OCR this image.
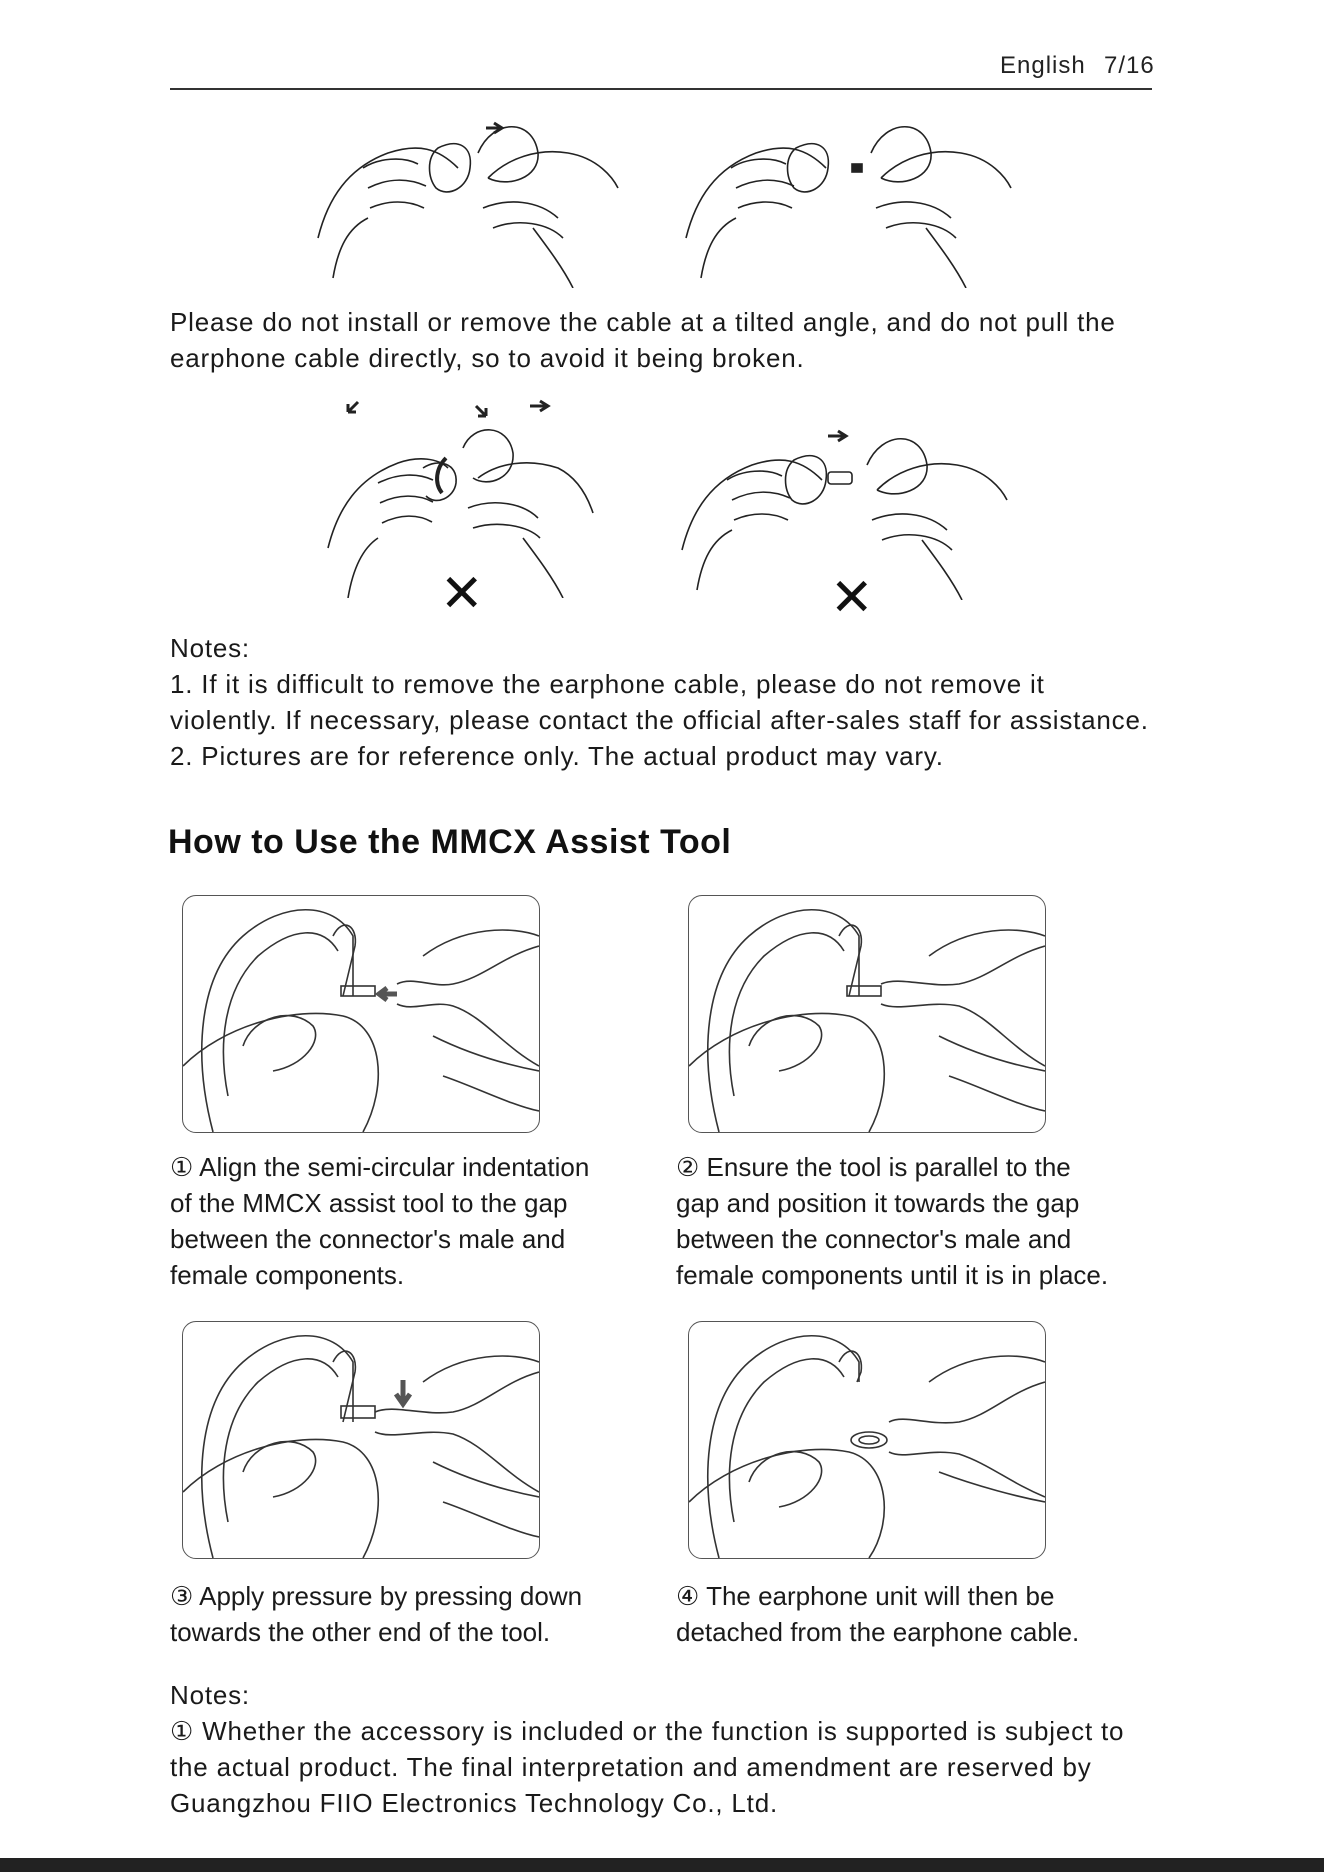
English 7/16

Please do not install or remove the cable at a tilted angle, and do not pull the

earphone cable directly, so to avoid it being broken.

✕	✕

Notes:

1. If it is difficult to remove the earphone cable, please do not remove it

violently. If necessary, please contact the official after-sales staff for assistance.

2. Pictures are for reference only. The actual product may vary.

How to Use the MMCX Assist Tool

① Align the semi-circular indentation

of the MMCX assist tool to the gap

between the connector's male and

female components.

② Ensure the tool is parallel to the

gap and position it towards the gap

between the connector's male and

female components until it is in place.

③ Apply pressure by pressing down

towards the other end of the tool.

④ The earphone unit will then be

detached from the earphone cable.

Notes:

① Whether the accessory is included or the function is supported is subject to

the actual product. The final interpretation and amendment are reserved by

Guangzhou FIIO Electronics Technology Co., Ltd.
